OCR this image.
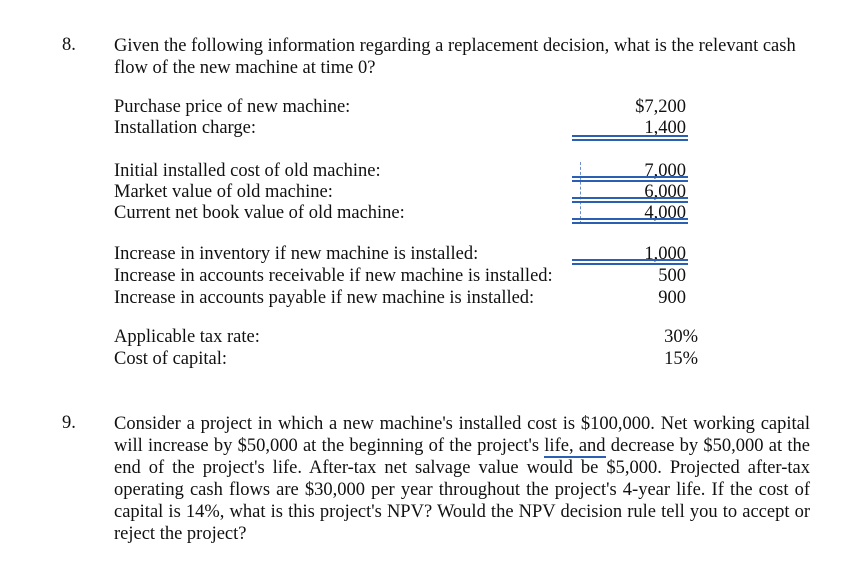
8. Given the following information regarding a replacement decision, what is the relevant cash flow of the new machine at time 0?
Purchase price of new machine:	$7,200
Installation charge:	1,400
Initial installed cost of old machine:	7,000
Market value of old machine:	6,000
Current net book value of old machine:	4,000
Increase in inventory if new machine is installed:	1,000
Increase in accounts receivable if new machine is installed:	500
Increase in accounts payable if new machine is installed:	900
Applicable tax rate:	30%
Cost of capital:	15%
9. Consider a project in which a new machine's installed cost is $100,000. Net working capital will increase by $50,000 at the beginning of the project's life, and decrease by $50,000 at the end of the project's life. After-tax net salvage value would be $5,000. Projected after-tax operating cash flows are $30,000 per year throughout the project's 4-year life. If the cost of capital is 14%, what is this project's NPV? Would the NPV decision rule tell you to accept or reject the project?
